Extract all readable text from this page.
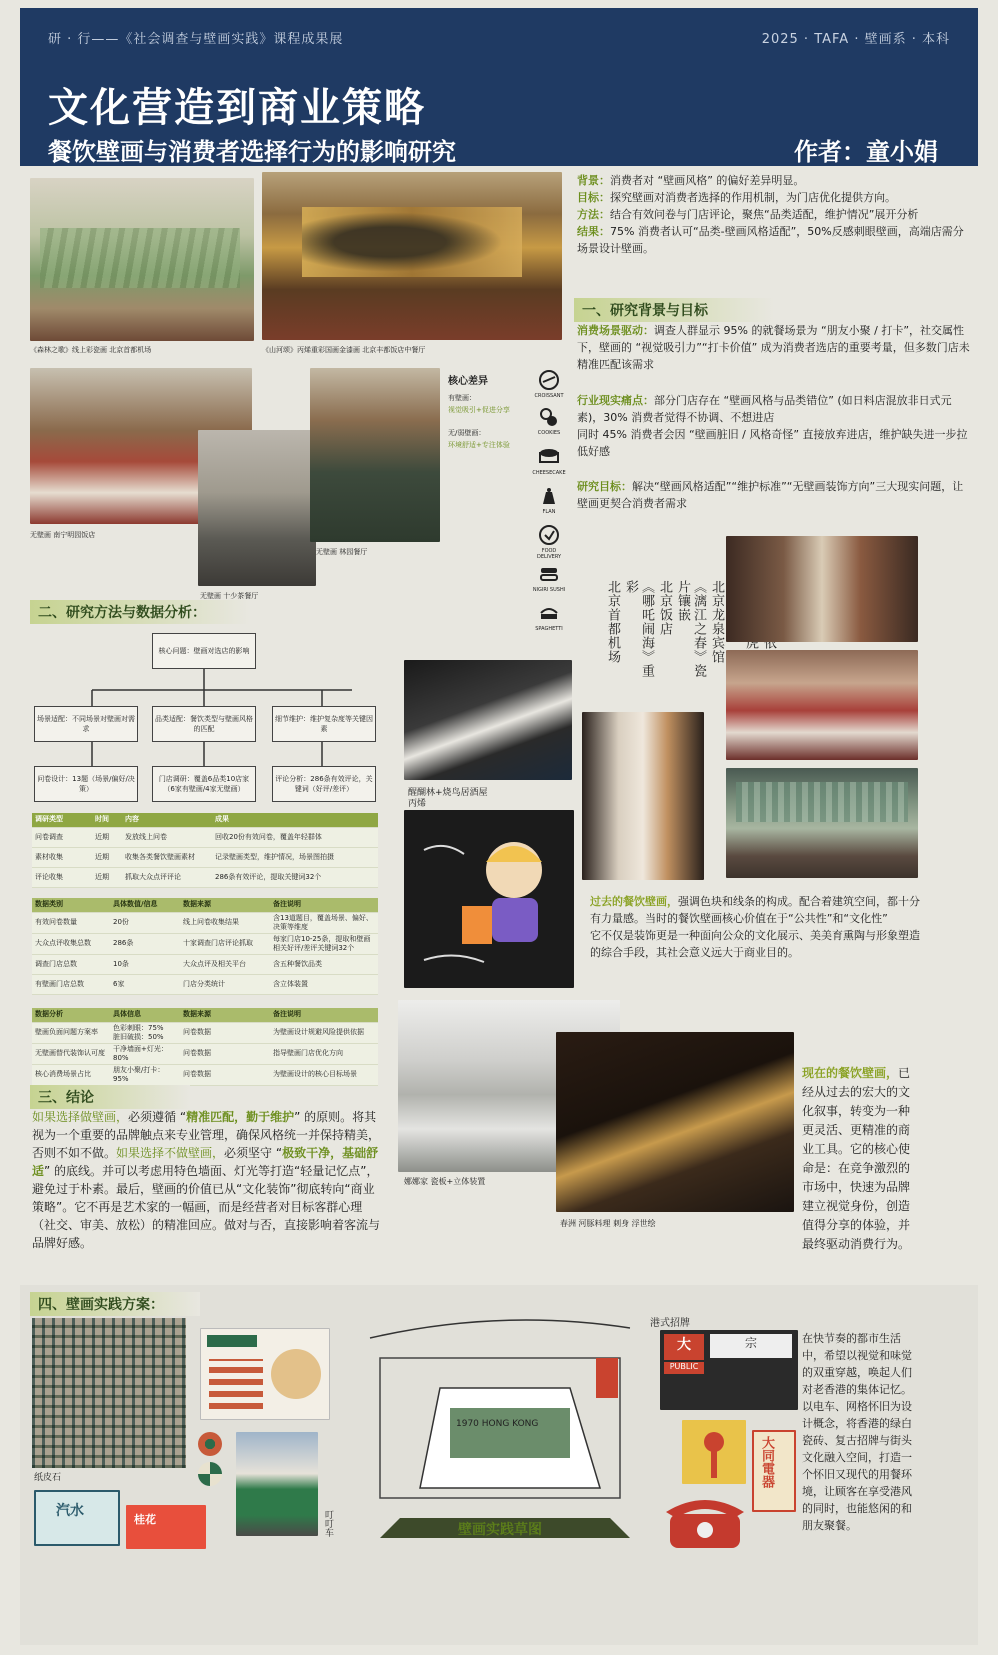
研 · 行——《社会调查与壁画实践》课程成果展	2025 · TAFA · 壁画系 · 本科
文化营造到商业策略
餐饮壁画与消费者选择行为的影响研究	作者：童小娟
《森林之歌》线上彩瓷画 北京首都机场	《山河颂》丙烯重彩国画金漆画 北京丰都饭店中餐厅
无壁画 南宁明园饭店
无壁画 十少茶餐厅
无壁画 林园餐厅
核心差异
有壁画：
视觉吸引+促进分享
无/弱壁画：
环境舒适+专注体验
CROISSANT
COOKIES
CHEESECAKE
FLAN
FOOD DELIVERY
NIGIRI SUSHI
SPAGHETTI
背景：消费者对 “壁画风格” 的偏好差异明显。
目标：探究壁画对消费者选择的作用机制，为门店优化提供方向。
方法：结合有效问卷与门店评论，聚焦“品类适配，维护情况”展开分析
结果：75% 消费者认可“品类-壁画风格适配”，50%反感刺眼壁画，高端店需分场景设计壁画。
一、研究背景与目标
消费场景驱动：调查人群显示 95% 的就餐场景为 “朋友小聚 / 打卡”，社交属性下，壁画的 “视觉吸引力”“打卡价值” 成为消费者选店的重要考量，但多数门店未精准匹配该需求
行业现实痛点：部分门店存在 “壁画风格与品类错位” (如日料店混放非日式元素)，30% 消费者觉得不协调、不想进店
同时 45% 消费者会因 “壁画脏旧 / 风格奇怪” 直接放弃进店，维护缺失进一步拉低好感
研究目标：解决“壁画风格适配”“维护标准”“无壁画装饰方向”三大现实问题，让壁画更契合消费者需求
北京龙泉宾馆
《漓江之春》瓷片镶嵌
北京饭店
《哪吒闹海》重彩
北京首都机场
二、研究方法与数据分析：
核心问题：壁画对选店的影响
场景适配：不同场景对壁画对需求
品类适配：餐饮类型与壁画风格的匹配
细节维护：维护复杂度等关键因素
问卷设计：13题（场景/偏好/决策）
门店调研：覆盖6品类10店家（6家有壁画/4家无壁画）
评论分析：286条有效评论，关键词（好评/差评）
调研类型	时间	内容	成果
问卷调查	近期	发放线上问卷	回收20份有效问卷，覆盖年轻群体
素材收集	近期	收集各类餐饮壁画素材	记录壁画类型，维护情况，场景图拍摄
评论收集	近期	抓取大众点评评论	286条有效评论，提取关键词32个
数据类别	具体数值/信息	数据来源	备注说明
有效问卷数量	20份	线上问卷收集结果	含13道题目，覆盖场景、偏好、决策等维度
大众点评收集总数	286条	十家调查门店评论抓取	每家门店10-25条，提取和壁画相关好评/差评关键词32个
调查门店总数	10条	大众点评及相关平台	含五种餐饮品类
有壁画门店总数	6家	门店分类统计	含立体装置
数据分析	具体信息	数据来源	备注说明
壁画负面问题方案率	色彩刺眼：75%
脏旧破损：50%	问卷数据	为壁画设计规避风险提供依据
无壁画替代装饰认可度	干净墙面+灯光：80%	问卷数据	指导壁画门店优化方向
核心消费场景占比	朋友小聚/打卡：95%	问卷数据	为壁画设计的核心目标场景
醒醐林+烧鸟居酒屋
丙烯
过去的餐饮壁画，强调色块和线条的构成。配合着建筑空间，都十分有力量感。当时的餐饮壁画核心价值在于“公共性”和“文化性”
它不仅是装饰更是一种面向公众的文化展示、美美育熏陶与形象塑造的综合手段，其社会意义远大于商业目的。
娜娜家 瓷板+立体装置
春洲 河豚料理 刺身 浮世绘
现在的餐饮壁画，已经从过去的宏大的文化叙事，转变为一种更灵活、更精准的商业工具。它的核心使命是：在竞争激烈的市场中，快速为品牌建立视觉身份，创造值得分享的体验，并最终驱动消费行为。
三、结论
如果选择做壁画，必须遵循 “精准匹配，勤于维护” 的原则。将其视为一个重要的品牌触点来专业管理，确保风格统一并保持精美，否则不如不做。如果选择不做壁画，必须坚守 “极致干净，基础舒适” 的底线。并可以考虑用特色墙面、灯光等打造“轻量记忆点”，避免过于朴素。最后，壁画的价值已从“文化装饰”彻底转向“商业策略”。它不再是艺术家的一幅画，而是经营者对目标客群心理（社交、审美、放松）的精准回应。做对与否，直接影响着客流与品牌好感。
四、壁画实践方案：
纸皮石
汽水
桂花	叮叮车
1970 HONG KONG
壁画实践草图
港式招牌
大
PUBLIC
宗
大同電器
在快节奏的都市生活中，希望以视觉和味觉的双重穿越，唤起人们对老香港的集体记忆。以电车、网格怀旧为设计概念，将香港的绿白瓷砖、复古招牌与街头文化融入空间，打造一个怀旧又现代的用餐环境，让顾客在享受港风的同时，也能悠闲的和朋友聚餐。
